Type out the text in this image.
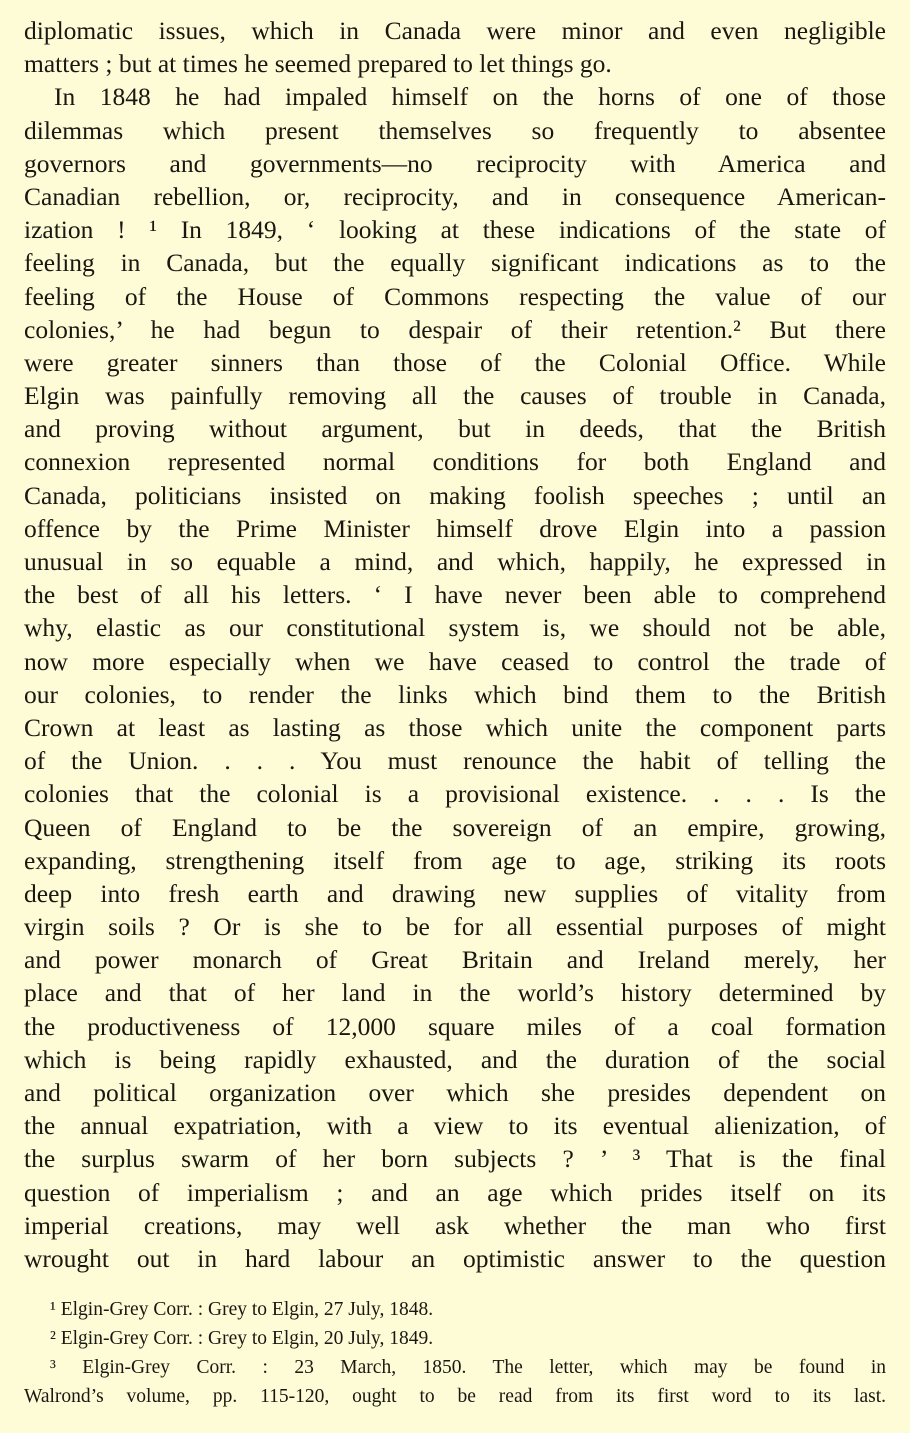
diplomatic issues, which in Canada were minor and even negligible
matters ; but at times he seemed prepared to let things go.
In 1848 he had impaled himself on the horns of one of those
dilemmas which present themselves so frequently to absentee
governors and governments—no reciprocity with America and
Canadian rebellion, or, reciprocity, and in consequence American-
ization ! ¹ In 1849, ‘ looking at these indications of the state of
feeling in Canada, but the equally significant indications as to the
feeling of the House of Commons respecting the value of our
colonies,’ he had begun to despair of their retention.² But there
were greater sinners than those of the Colonial Office. While
Elgin was painfully removing all the causes of trouble in Canada,
and proving without argument, but in deeds, that the British
connexion represented normal conditions for both England and
Canada, politicians insisted on making foolish speeches ; until an
offence by the Prime Minister himself drove Elgin into a passion
unusual in so equable a mind, and which, happily, he expressed in
the best of all his letters. ‘ I have never been able to comprehend
why, elastic as our constitutional system is, we should not be able,
now more especially when we have ceased to control the trade of
our colonies, to render the links which bind them to the British
Crown at least as lasting as those which unite the component parts
of the Union. . . . You must renounce the habit of telling the
colonies that the colonial is a provisional existence. . . . Is the
Queen of England to be the sovereign of an empire, growing,
expanding, strengthening itself from age to age, striking its roots
deep into fresh earth and drawing new supplies of vitality from
virgin soils ? Or is she to be for all essential purposes of might
and power monarch of Great Britain and Ireland merely, her
place and that of her land in the world’s history determined by
the productiveness of 12,000 square miles of a coal formation
which is being rapidly exhausted, and the duration of the social
and political organization over which she presides dependent on
the annual expatriation, with a view to its eventual alienization, of
the surplus swarm of her born subjects ? ’ ³ That is the final
question of imperialism ; and an age which prides itself on its
imperial creations, may well ask whether the man who first
wrought out in hard labour an optimistic answer to the question
¹ Elgin-Grey Corr. : Grey to Elgin, 27 July, 1848.
² Elgin-Grey Corr. : Grey to Elgin, 20 July, 1849.
³ Elgin-Grey Corr. : 23 March, 1850. The letter, which may be found in
Walrond’s volume, pp. 115-120, ought to be read from its first word to its last.
